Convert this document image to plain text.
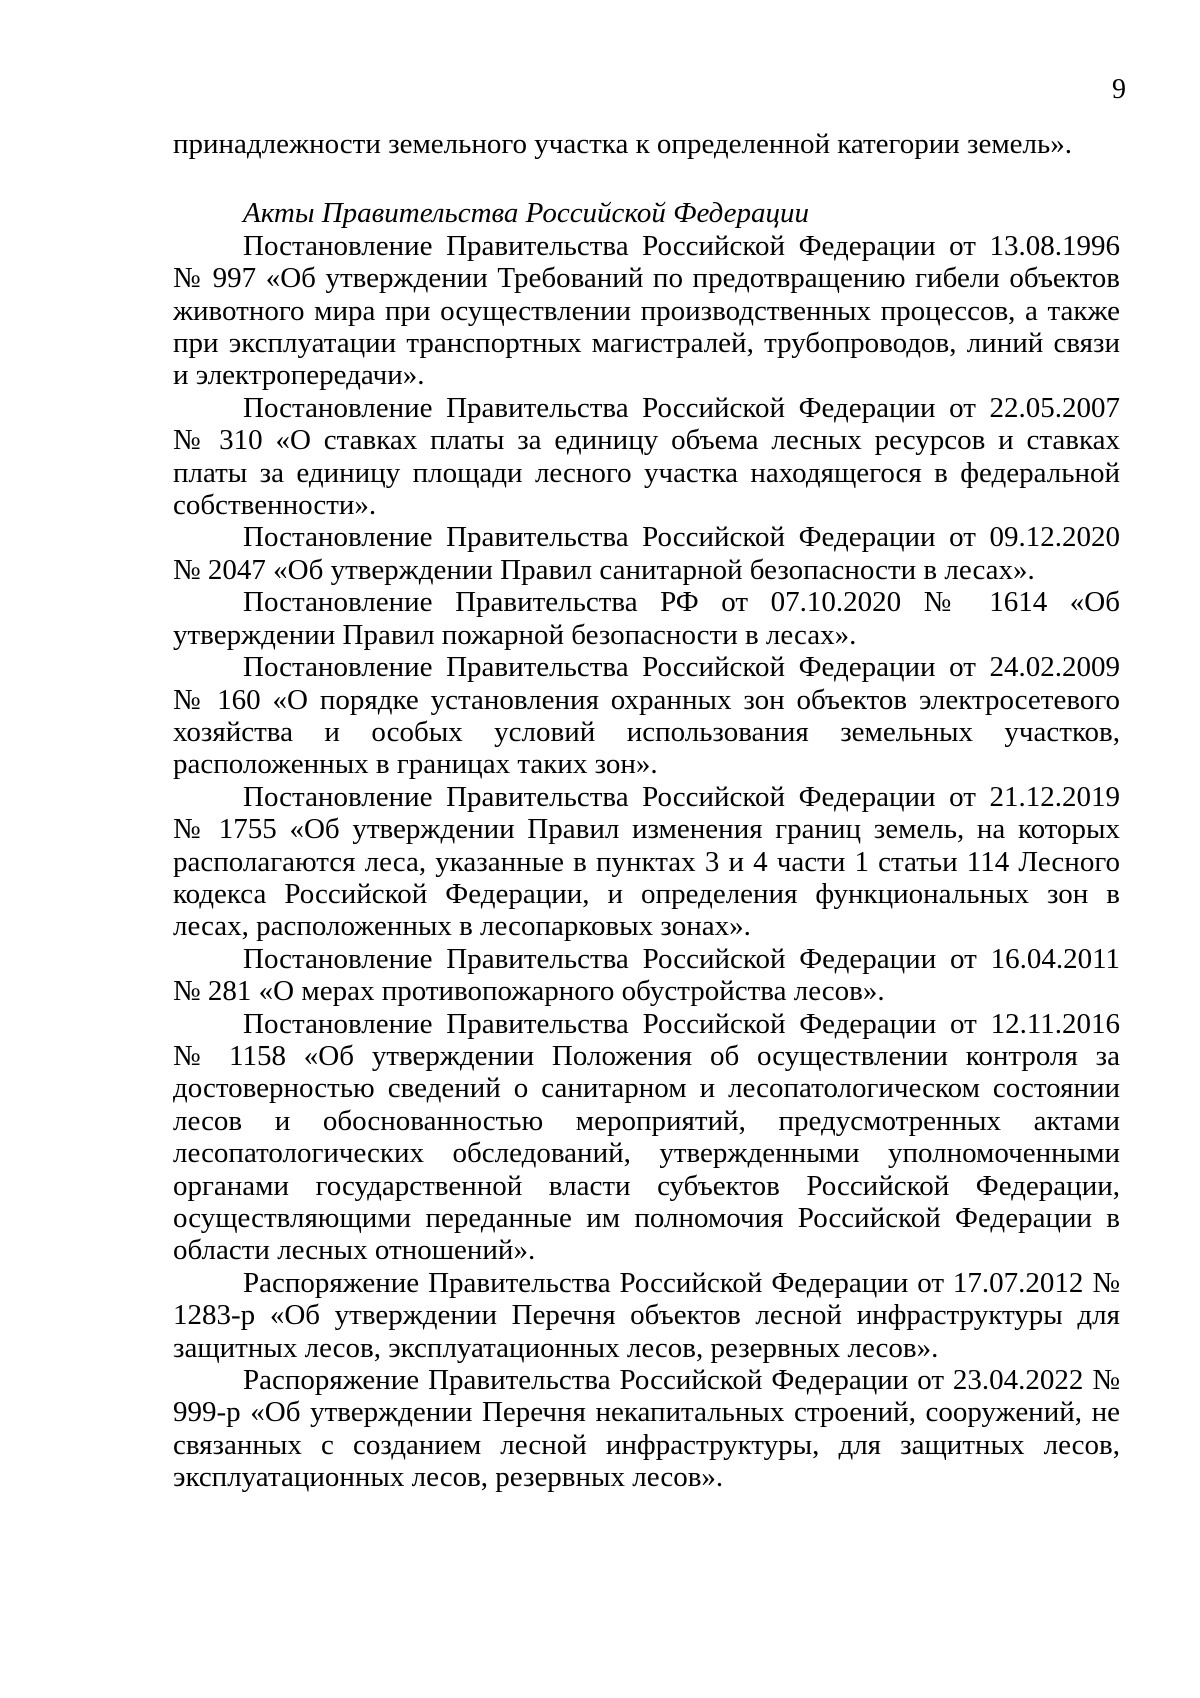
9

принадлежности земельного участка к определенной категории земель».

Акты Правительства Российской Федерации

Постановление Правительства Российской Федерации от 13.08.1996 № 997 «Об утверждении Требований по предотвращению гибели объектов животного мира при осуществлении производственных процессов, а также при эксплуатации транспортных магистралей, трубопроводов, линий связи и электропередачи».

Постановление Правительства Российской Федерации от 22.05.2007 № 310 «О ставках платы за единицу объема лесных ресурсов и ставках платы за единицу площади лесного участка находящегося в федеральной собственности».

Постановление Правительства Российской Федерации от 09.12.2020 № 2047 «Об утверждении Правил санитарной безопасности в лесах».

Постановление Правительства РФ от 07.10.2020 № 1614 «Об утверждении Правил пожарной безопасности в лесах».

Постановление Правительства Российской Федерации от 24.02.2009 № 160 «О порядке установления охранных зон объектов электросетевого хозяйства и особых условий использования земельных участков, расположенных в границах таких зон».

Постановление Правительства Российской Федерации от 21.12.2019 № 1755 «Об утверждении Правил изменения границ земель, на которых располагаются леса, указанные в пунктах 3 и 4 части 1 статьи 114 Лесного кодекса Российской Федерации, и определения функциональных зон в лесах, расположенных в лесопарковых зонах».

Постановление Правительства Российской Федерации от 16.04.2011 № 281 «О мерах противопожарного обустройства лесов».

Постановление Правительства Российской Федерации от 12.11.2016 № 1158 «Об утверждении Положения об осуществлении контроля за достоверностью сведений о санитарном и лесопатологическом состоянии лесов и обоснованностью мероприятий, предусмотренных актами лесопатологических обследований, утвержденными уполномоченными органами государственной власти субъектов Российской Федерации, осуществляющими переданные им полномочия Российской Федерации в области лесных отношений».

Распоряжение Правительства Российской Федерации от 17.07.2012 № 1283-р «Об утверждении Перечня объектов лесной инфраструктуры для защитных лесов, эксплуатационных лесов, резервных лесов».

Распоряжение Правительства Российской Федерации от 23.04.2022 № 999-р «Об утверждении Перечня некапитальных строений, сооружений, не связанных с созданием лесной инфраструктуры, для защитных лесов, эксплуатационных лесов, резервных лесов».
